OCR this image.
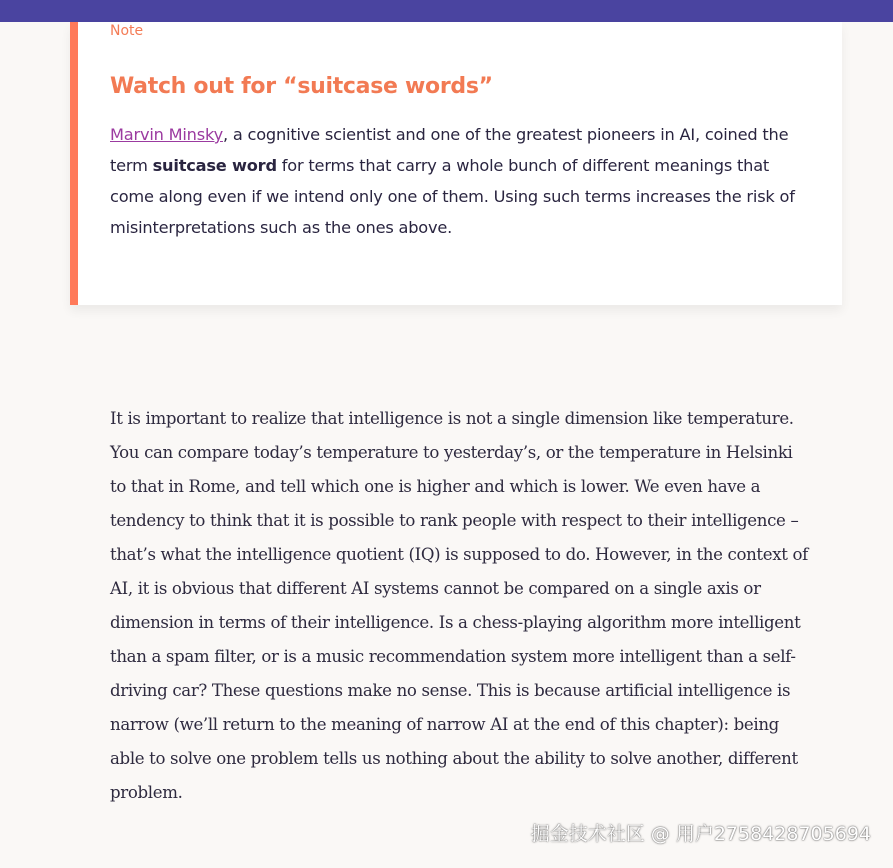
Note
Watch out for “suitcase words”

Marvin Minsky, a cognitive scientist and one of the greatest pioneers in AI, coined the term suitcase word for terms that carry a whole bunch of different meanings that come along even if we intend only one of them. Using such terms increases the risk of misinterpretations such as the ones above.

It is important to realize that intelligence is not a single dimension like temperature. You can compare today’s temperature to yesterday’s, or the temperature in Helsinki to that in Rome, and tell which one is higher and which is lower. We even have a tendency to think that it is possible to rank people with respect to their intelligence – that’s what the intelligence quotient (IQ) is supposed to do. However, in the context of AI, it is obvious that different AI systems cannot be compared on a single axis or dimension in terms of their intelligence. Is a chess-playing algorithm more intelligent than a spam filter, or is a music recommendation system more intelligent than a self-driving car? These questions make no sense. This is because artificial intelligence is narrow (we’ll return to the meaning of narrow AI at the end of this chapter): being able to solve one problem tells us nothing about the ability to solve another, different problem.

掘金技术社区 @ 用户2758428705694
